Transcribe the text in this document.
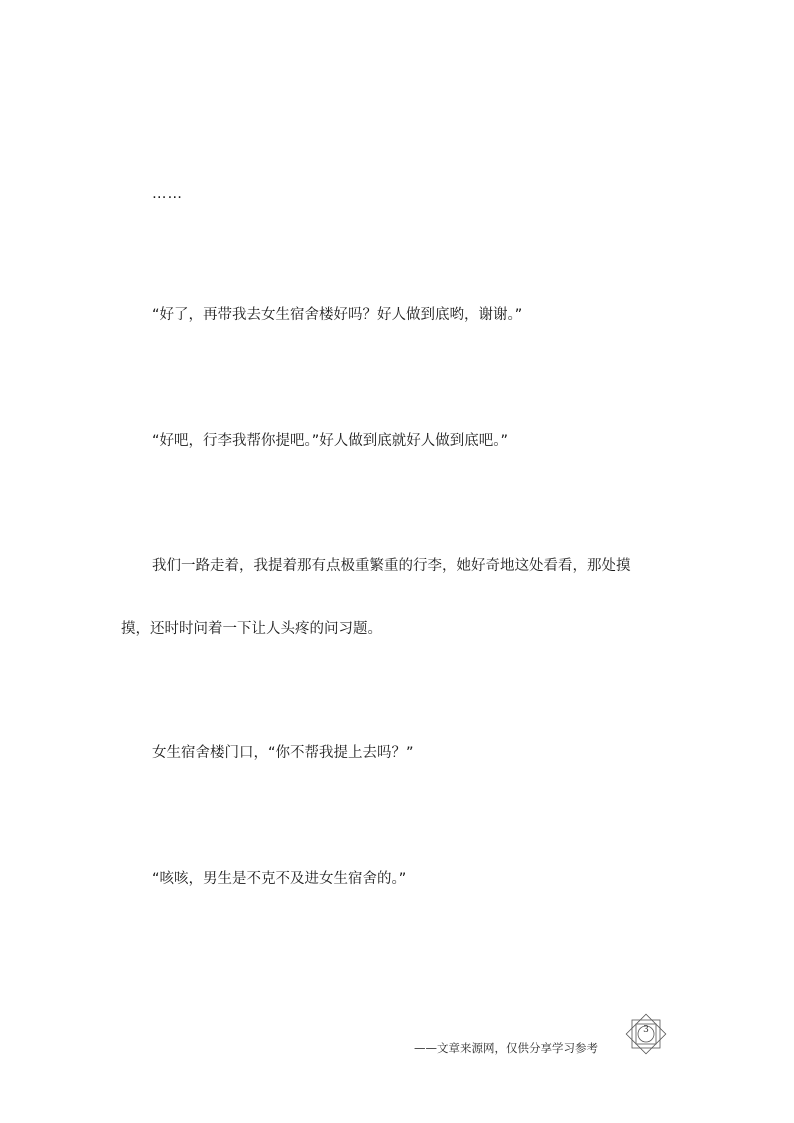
……

“好了，再带我去女生宿舍楼好吗？好人做到底哟，谢谢。”

“好吧，行李我帮你提吧。”好人做到底就好人做到底吧。”

我们一路走着，我提着那有点极重繁重的行李，她好奇地这处看看，那处摸

摸，还时时问着一下让人头疼的问习题。

女生宿舍楼门口，“你不帮我提上去吗？”

“咳咳，男生是不克不及进女生宿舍的。”

——文章来源网，仅供分享学习参考
3
